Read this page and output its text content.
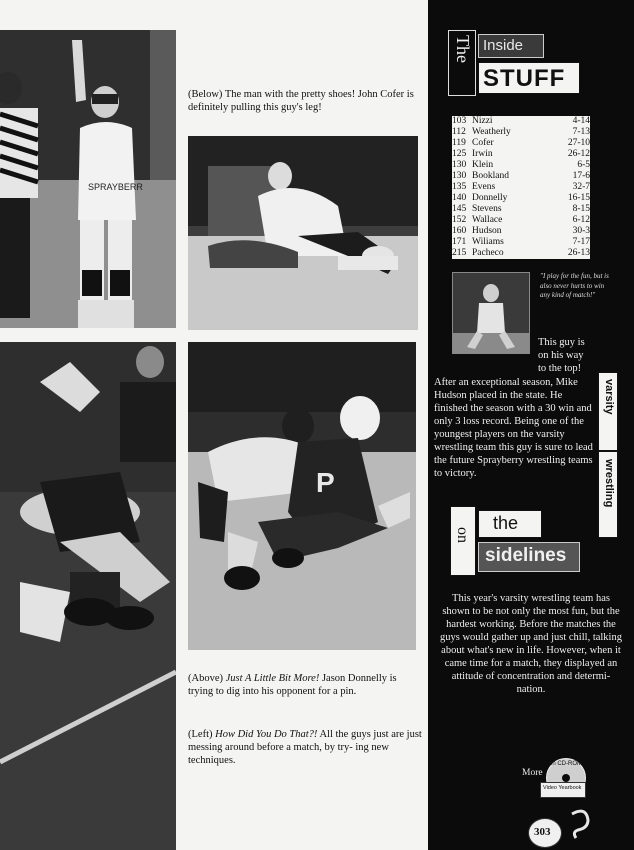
SPRAYBERR
(Below) The man with the pretty shoes! John Cofer is definitely pulling this guy's leg!
P
(Above) Just A Little Bit More! Jason Donnelly is trying to dig into his opponent for a pin.
(Left) How Did You Do That?! All the guys just are just messing around before a match, by try- ing new techniques.
The Inside
STUFF
103 Nizzi	4-14
112 Weatherly	7-13
119 Cofer	27-10
125 Irwin	26-12
130 Klein	6-5
130 Bookland	17-6
135 Evens	32-7
140 Donnelly	16-15
145 Stevens	8-15
152 Wallace	6-12
160 Hudson	30-3
171 Wiliams	7-17
215 Pacheco	26-13
"I play for the fun, but is also never hurts to win any kind of match!"
This guy is
on his way
to the top!
After an exceptional season, Mike Hudson placed in the state. He finished the season with a 30 win and only 3 loss record. Being one of the youngest players on the varsity wrestling team this guy is sure to lead the future Sprayberry wrestling teams to victory.
varsity
wrestling
on
the
sidelines
This year's varsity wrestling team has shown to be not only the most fun, but the hardest working. Before the matches the guys would gather up and just chill, talking about what's new in life. However, when it came time for a match, they displayed an attitude of concentration and determi- nation.
More
on CD-ROM
Video Yearbook
303
